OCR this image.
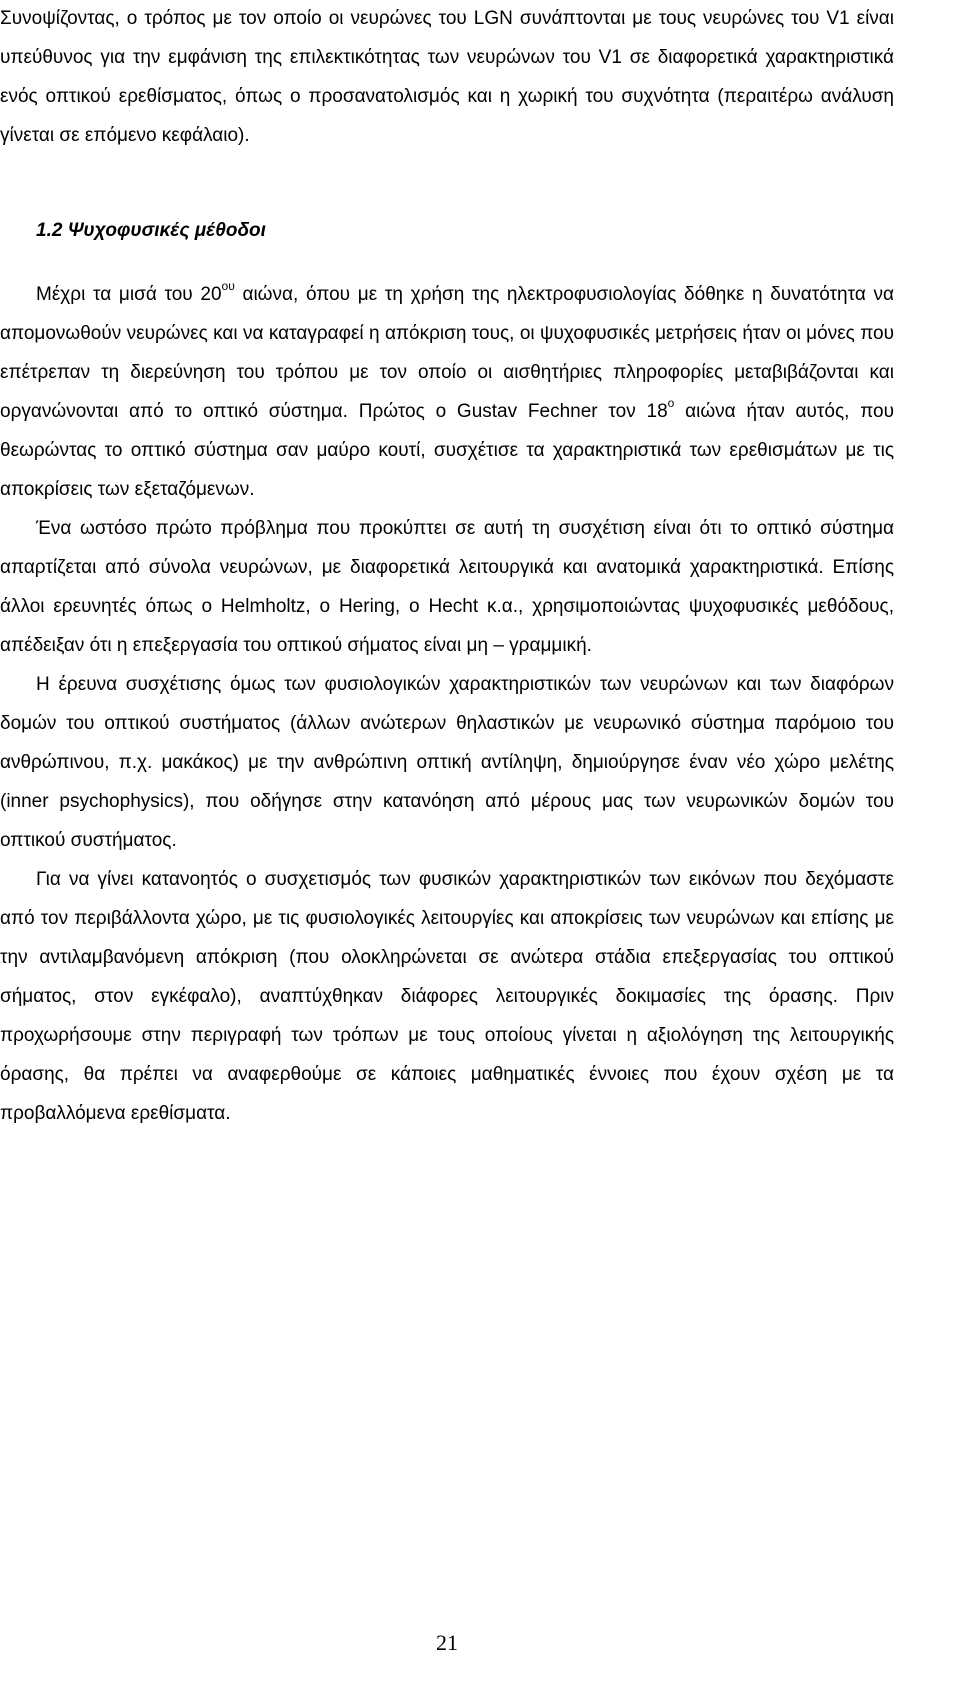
Συνοψίζοντας, ο τρόπος με τον οποίο οι νευρώνες του LGN συνάπτονται με τους νευρώνες του V1 είναι υπεύθυνος για την εμφάνιση της επιλεκτικότητας των νευρώνων του V1 σε διαφορετικά χαρακτηριστικά ενός οπτικού ερεθίσματος, όπως ο προσανατολισμός και η χωρική του συχνότητα (περαιτέρω ανάλυση γίνεται σε επόμενο κεφάλαιο).

1.2 Ψυχοφυσικές μέθοδοι

Μέχρι τα μισά του $20^{o\upsilon}$ αιώνα, όπου με τη χρήση της ηλεκτροφυσιολογίας δόθηκε η δυνατότητα να απομονωθούν νευρώνες και να καταγραφεί η απόκριση τους, οι ψυχοφυσικές μετρήσεις ήταν οι μόνες που επέτρεπαν τη διερεύνηση του τρόπου με τον οποίο οι αισθητήριες πληροφορίες μεταβιβάζονται και οργανώνονται από το οπτικό σύστημα. Πρώτος ο Gustav Fechner τον $18^o$ αιώνα ήταν αυτός, που θεωρώντας το οπτικό σύστημα σαν μαύρο κουτί, συσχέτισε τα χαρακτηριστικά των ερεθισμάτων με τις αποκρίσεις των εξεταζόμενων.

Ένα ωστόσο πρώτο πρόβλημα που προκύπτει σε αυτή τη συσχέτιση είναι ότι το οπτικό σύστημα απαρτίζεται από σύνολα νευρώνων, με διαφορετικά λειτουργικά και ανατομικά χαρακτηριστικά. Επίσης άλλοι ερευνητές όπως ο Helmholtz, ο Hering, ο Hecht κ.α., χρησιμοποιώντας ψυχοφυσικές μεθόδους, απέδειξαν ότι η επεξεργασία του οπτικού σήματος είναι μη – γραμμική.

Η έρευνα συσχέτισης όμως των φυσιολογικών χαρακτηριστικών των νευρώνων και των διαφόρων δομών του οπτικού συστήματος (άλλων ανώτερων θηλαστικών με νευρωνικό σύστημα παρόμοιο του ανθρώπινου, π.χ. μακάκος) με την ανθρώπινη οπτική αντίληψη, δημιούργησε έναν νέο χώρο μελέτης (inner psychophysics), που οδήγησε στην κατανόηση από μέρους μας των νευρωνικών δομών του οπτικού συστήματος.

Για να γίνει κατανοητός ο συσχετισμός των φυσικών χαρακτηριστικών των εικόνων που δεχόμαστε από τον περιβάλλοντα χώρο, με τις φυσιολογικές λειτουργίες και αποκρίσεις των νευρώνων και επίσης με την αντιλαμβανόμενη απόκριση (που ολοκληρώνεται σε ανώτερα στάδια επεξεργασίας του οπτικού σήματος, στον εγκέφαλο), αναπτύχθηκαν διάφορες λειτουργικές δοκιμασίες της όρασης. Πριν προχωρήσουμε στην περιγραφή των τρόπων με τους οποίους γίνεται η αξιολόγηση της λειτουργικής όρασης, θα πρέπει να αναφερθούμε σε κάποιες μαθηματικές έννοιες που έχουν σχέση με τα προβαλλόμενα ερεθίσματα.

21
